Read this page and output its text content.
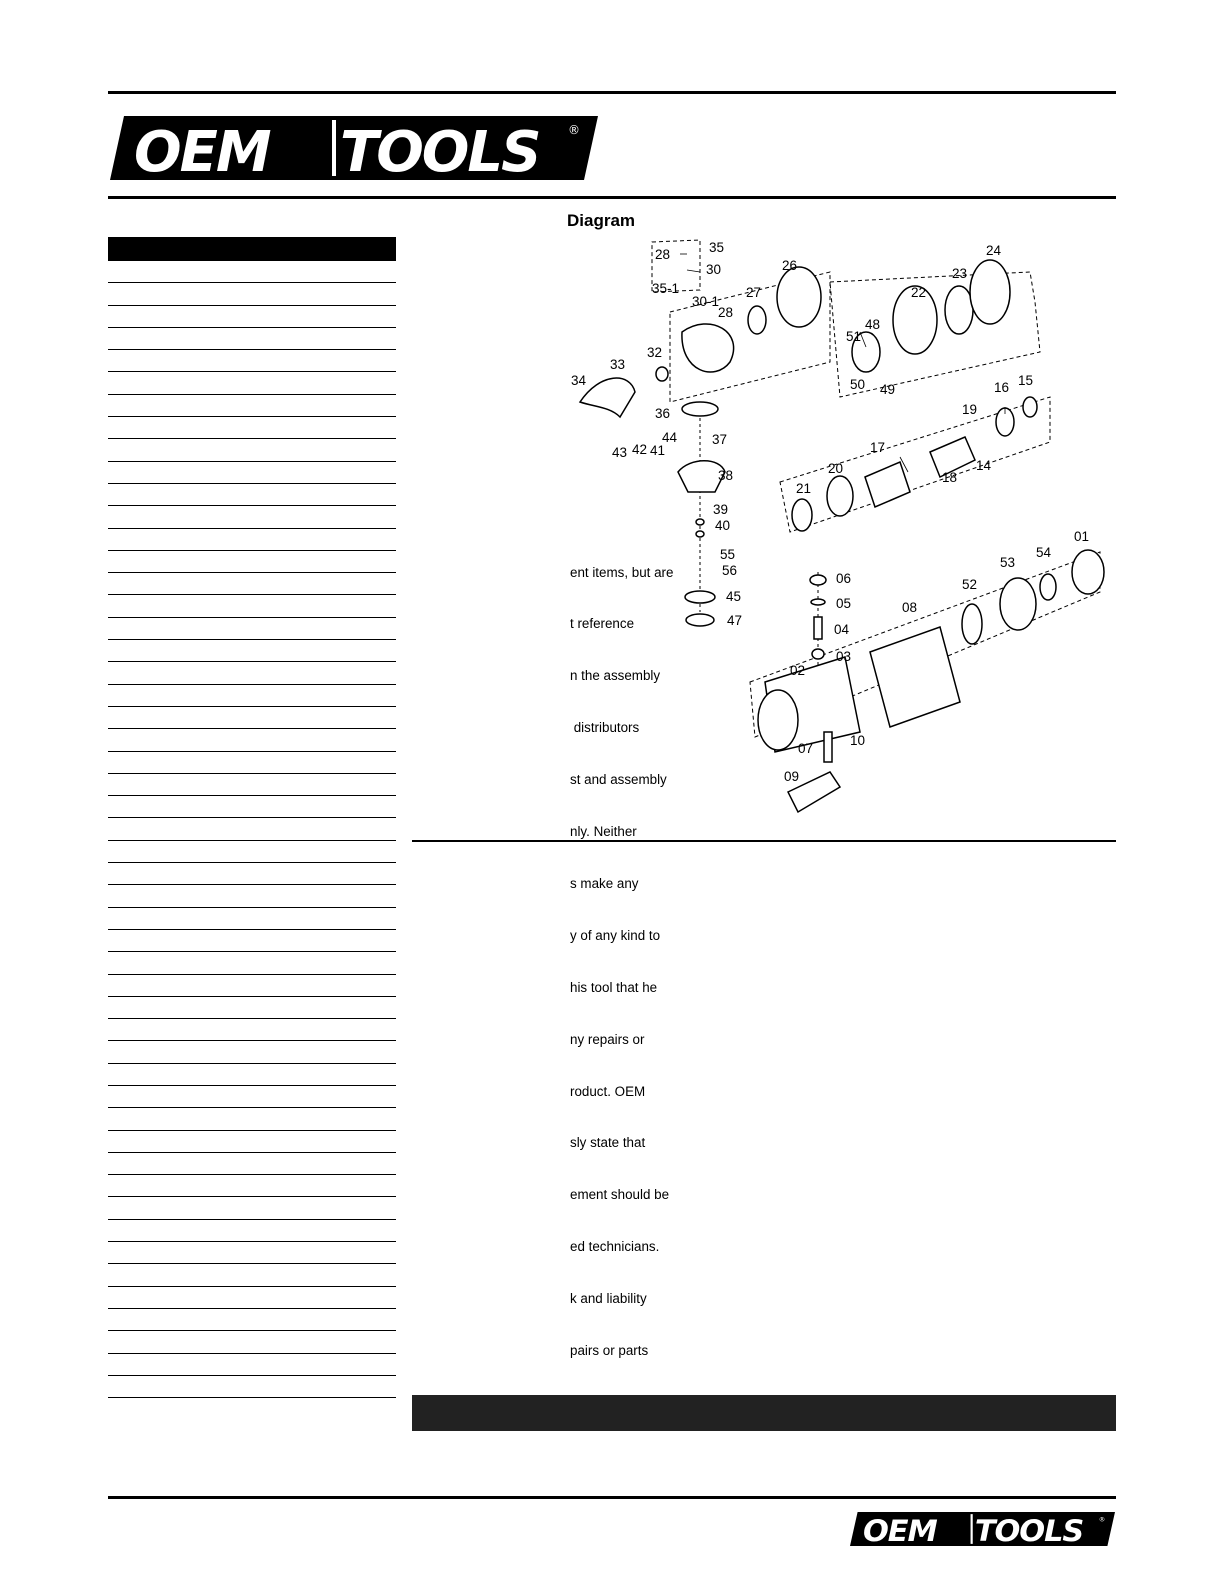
OEM TOOLS ®
Diagram
28	35
30
35-1
30-1
28
27
26
24
23
22
48
51
50 49
32
33
34
36
44	37
43 42 41
38
39
40
55
56
45
47
19
16 15
17
18
14
20
21
06
05
04
03
08
02
07
10
09
52
53
54
01

ent items, but are

t reference

n the assembly

distributors

st and assembly

nly. Neither

s make any

y of any kind to

his tool that he

ny repairs or

roduct. OEM

sly state that

ement should be

ed technicians.

k and liability

pairs or parts

OEM TOOLS ®
